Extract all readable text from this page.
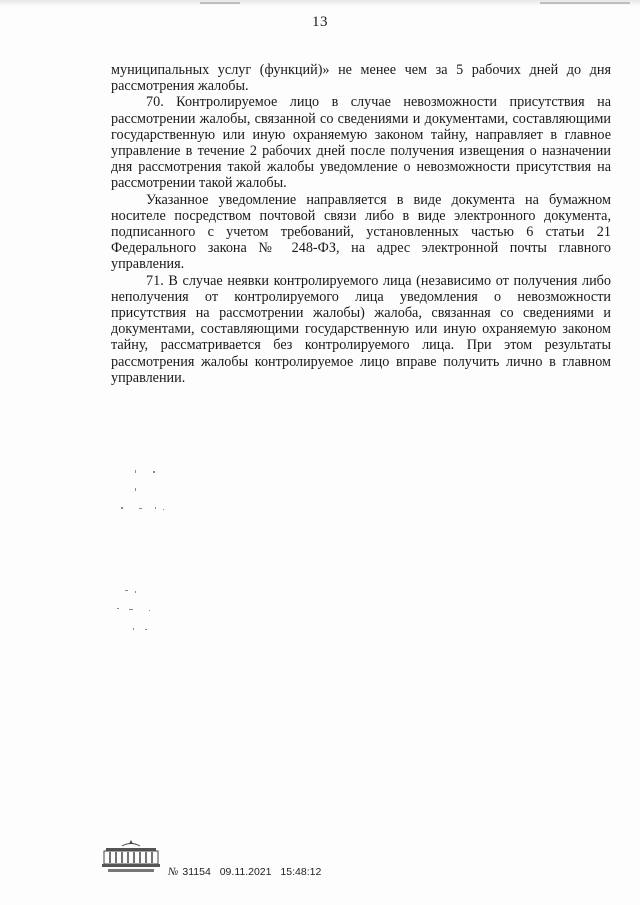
13

муниципальных услуг (функций)» не менее чем за 5 рабочих дней до дня рассмотрения жалобы.

70. Контролируемое лицо в случае невозможности присутствия на рассмотрении жалобы, связанной со сведениями и документами, составляющими государственную или иную охраняемую законом тайну, направляет в главное управление в течение 2 рабочих дней после получения извещения о назначении дня рассмотрения такой жалобы уведомление о невозможности присутствия на рассмотрении такой жалобы.

Указанное уведомление направляется в виде документа на бумажном носителе посредством почтовой связи либо в виде электронного документа, подписанного с учетом требований, установленных частью 6 статьи 21 Федерального закона № 248-ФЗ, на адрес электронной почты главного управления.

71. В случае неявки контролируемого лица (независимо от получения либо неполучения от контролируемого лица уведомления о невозможности присутствия на рассмотрении жалобы) жалоба, связанная со сведениями и документами, составляющими государственную или иную охраняемую законом тайну, рассматривается без контролируемого лица. При этом результаты рассмотрения жалобы контролируемое лицо вправе получить лично в главном управлении.

№ 31154 09.11.2021 15:48:12
